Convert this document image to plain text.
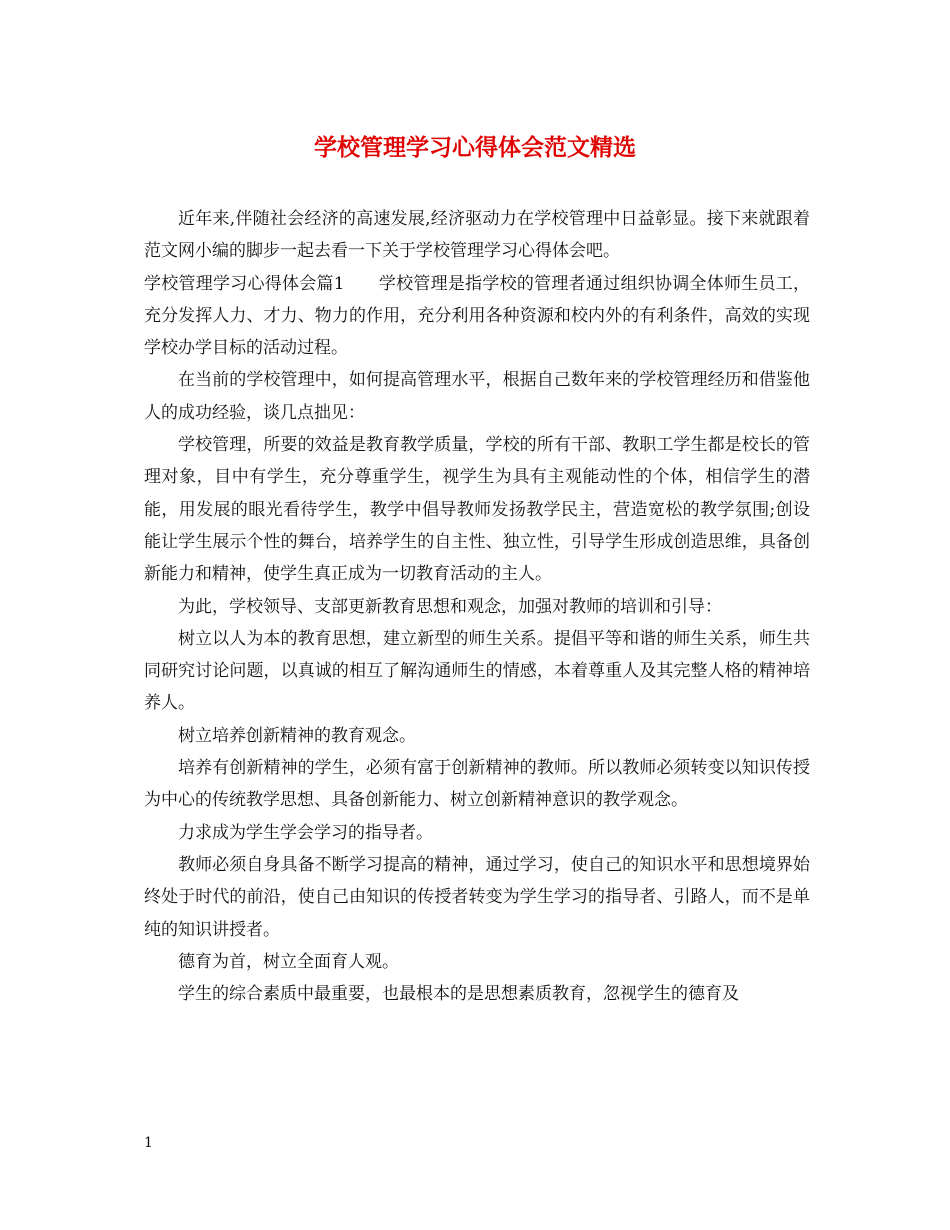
学校管理学习心得体会范文精选

近年来,伴随社会经济的高速发展,经济驱动力在学校管理中日益彰显。接下来就跟着范文网小编的脚步一起去看一下关于学校管理学习心得体会吧。

学校管理学习心得体会篇1 学校管理是指学校的管理者通过组织协调全体师生员工，充分发挥人力、才力、物力的作用，充分利用各种资源和校内外的有利条件，高效的实现学校办学目标的活动过程。

在当前的学校管理中，如何提高管理水平，根据自己数年来的学校管理经历和借鉴他人的成功经验，谈几点拙见：

学校管理，所要的效益是教育教学质量，学校的所有干部、教职工学生都是校长的管理对象，目中有学生，充分尊重学生，视学生为具有主观能动性的个体，相信学生的潜能，用发展的眼光看待学生，教学中倡导教师发扬教学民主，营造宽松的教学氛围;创设能让学生展示个性的舞台，培养学生的自主性、独立性，引导学生形成创造思维，具备创新能力和精神，使学生真正成为一切教育活动的主人。

为此，学校领导、支部更新教育思想和观念，加强对教师的培训和引导：

树立以人为本的教育思想，建立新型的师生关系。提倡平等和谐的师生关系，师生共同研究讨论问题，以真诚的相互了解沟通师生的情感，本着尊重人及其完整人格的精神培养人。

树立培养创新精神的教育观念。

培养有创新精神的学生，必须有富于创新精神的教师。所以教师必须转变以知识传授为中心的传统教学思想、具备创新能力、树立创新精神意识的教学观念。

力求成为学生学会学习的指导者。

教师必须自身具备不断学习提高的精神，通过学习，使自己的知识水平和思想境界始终处于时代的前沿，使自己由知识的传授者转变为学生学习的指导者、引路人，而不是单纯的知识讲授者。

德育为首，树立全面育人观。

学生的综合素质中最重要，也最根本的是思想素质教育，忽视学生的德育及

1
